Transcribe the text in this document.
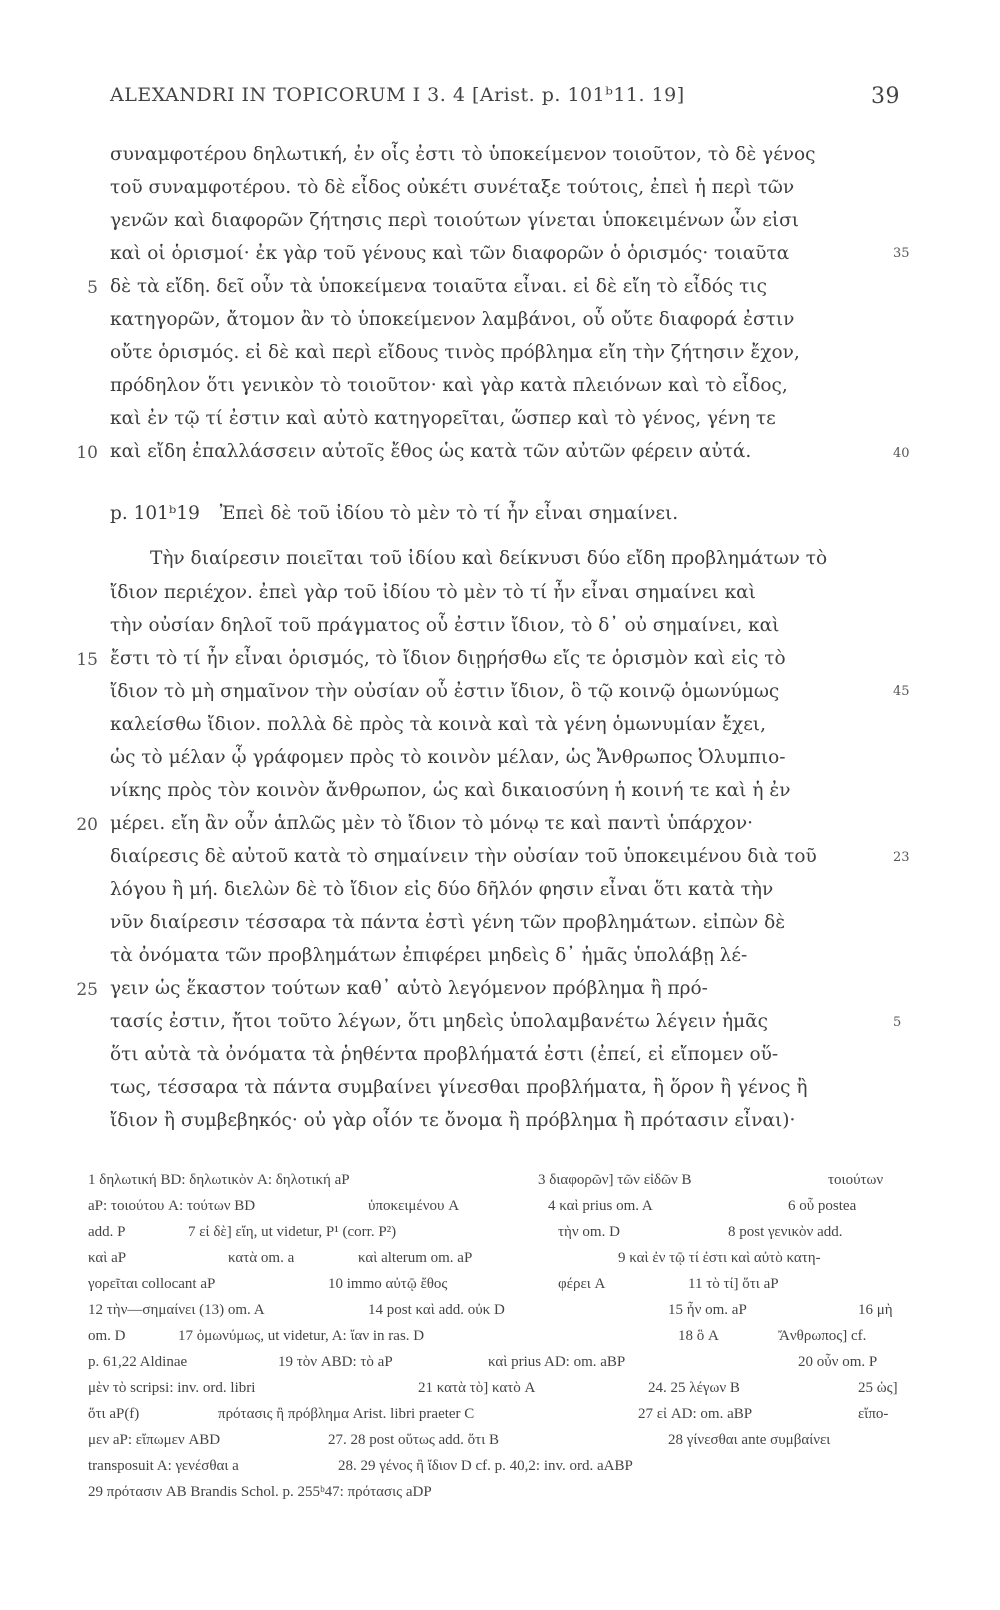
ALEXANDRI IN TOPICORUM I 3. 4 [Arist. p. 101ᵇ11. 19]	39
συναμφοτέρου δηλωτική, ἐν οἷς ἐστι τὸ ὑποκείμενον τοιοῦτον, τὸ δὲ γένος
τοῦ συναμφοτέρου. τὸ δὲ εἶδος οὐκέτι συνέταξε τούτοις, ἐπεὶ ἡ περὶ τῶν
γενῶν καὶ διαφορῶν ζήτησις περὶ τοιούτων γίνεται ὑποκειμένων ὧν εἰσι
καὶ οἱ ὁρισμοί· ἐκ γὰρ τοῦ γένους καὶ τῶν διαφορῶν ὁ ὁρισμός· τοιαῦτα
δὲ τὰ εἴδη. δεῖ οὖν τὰ ὑποκείμενα τοιαῦτα εἶναι. εἰ δὲ εἴη τὸ εἶδός τις
κατηγορῶν, ἄτομον ἂν τὸ ὑποκείμενον λαμβάνοι, οὗ οὔτε διαφορά ἐστιν
οὔτε ὁρισμός. εἰ δὲ καὶ περὶ εἴδους τινὸς πρόβλημα εἴη τὴν ζήτησιν ἔχον,
πρόδηλον ὅτι γενικὸν τὸ τοιοῦτον· καὶ γὰρ κατὰ πλειόνων καὶ τὸ εἶδος,
καὶ ἐν τῷ τί ἐστιν καὶ αὐτὸ κατηγορεῖται, ὥσπερ καὶ τὸ γένος, γένη τε
καὶ εἴδη ἐπαλλάσσειν αὐτοῖς ἔθος ὡς κατὰ τῶν αὐτῶν φέρειν αὐτά.
p. 101ᵇ19 Ἐπεὶ δὲ τοῦ ἰδίου τὸ μὲν τὸ τί ἦν εἶναι σημαίνει.
Τὴν διαίρεσιν ποιεῖται τοῦ ἰδίου καὶ δείκνυσι δύο εἴδη προβλημάτων τὸ
ἴδιον περιέχον. ἐπεὶ γὰρ τοῦ ἰδίου τὸ μὲν τὸ τί ἦν εἶναι σημαίνει καὶ
τὴν οὐσίαν δηλοῖ τοῦ πράγματος οὗ ἐστιν ἴδιον, τὸ δ᾽ οὐ σημαίνει, καὶ
ἔστι τὸ τί ἦν εἶναι ὁρισμός, τὸ ἴδιον διῃρήσθω εἴς τε ὁρισμὸν καὶ εἰς τὸ
ἴδιον τὸ μὴ σημαῖνον τὴν οὐσίαν οὗ ἐστιν ἴδιον, ὃ τῷ κοινῷ ὁμωνύμως
καλείσθω ἴδιον. πολλὰ δὲ πρὸς τὰ κοινὰ καὶ τὰ γένη ὁμωνυμίαν ἔχει,
ὡς τὸ μέλαν ᾧ γράφομεν πρὸς τὸ κοινὸν μέλαν, ὡς Ἄνθρωπος Ὀλυμπιο-
νίκης πρὸς τὸν κοινὸν ἄνθρωπον, ὡς καὶ δικαιοσύνη ἡ κοινή τε καὶ ἡ ἐν
μέρει. εἴη ἂν οὖν ἁπλῶς μὲν τὸ ἴδιον τὸ μόνῳ τε καὶ παντὶ ὑπάρχον·
διαίρεσις δὲ αὐτοῦ κατὰ τὸ σημαίνειν τὴν οὐσίαν τοῦ ὑποκειμένου διὰ τοῦ
λόγου ἢ μή. διελὼν δὲ τὸ ἴδιον εἰς δύο δῆλόν φησιν εἶναι ὅτι κατὰ τὴν
νῦν διαίρεσιν τέσσαρα τὰ πάντα ἐστὶ γένη τῶν προβλημάτων. εἰπὼν δὲ
τὰ ὀνόματα τῶν προβλημάτων ἐπιφέρει μηδεὶς δ᾽ ἡμᾶς ὑπολάβῃ λέ-
γειν ὡς ἕκαστον τούτων καθ᾽ αὑτὸ λεγόμενον πρόβλημα ἢ πρό-
τασίς ἐστιν, ἤτοι τοῦτο λέγων, ὅτι μηδεὶς ὑπολαμβανέτω λέγειν ἡμᾶς
ὅτι αὐτὰ τὰ ὀνόματα τὰ ῥηθέντα προβλήματά ἐστι (ἐπεί, εἰ εἴπομεν οὕ-
τως, τέσσαρα τὰ πάντα συμβαίνει γίνεσθαι προβλήματα, ἢ ὅρον ἢ γένος ἢ
ἴδιον ἢ συμβεβηκός· οὐ γὰρ οἷόν τε ὄνομα ἢ πρόβλημα ἢ πρότασιν εἶναι)·
5
10
15
20
25
35
40
45
23
5
1 δηλωτική BD: δηλωτικὸν A: δηλοτική aP	3 διαφορῶν] τῶν εἰδῶν B	τοιούτων
aP: τοιούτου A: τούτων BD	ὑποκειμένου A	4 καὶ prius om. A	6 οὗ postea
add. P	7 εἰ δὲ] εἴη, ut videtur, P¹ (corr. P²)	τὴν om. D	8 post γενικὸν add.
καὶ aP	κατὰ om. a	καὶ alterum om. aP	9 καὶ ἐν τῷ τί ἐστι καὶ αὐτὸ κατη-
γορεῖται collocant aP	10 immo αὐτῷ ἔθος	φέρει A	11 τὸ τί] ὅτι aP
12 τὴν—σημαίνει (13) om. A	14 post καὶ add. οὐκ D	15 ἦν om. aP	16 μὴ
om. D	17 ὁμωνύμως, ut videtur, A: ἴαν in ras. D	18 ὃ A	Ἄνθρωπος] cf.
p. 61,22 Aldinae	19 τὸν ABD: τὸ aP	καὶ prius AD: om. aBP	20 οὖν om. P
μὲν τὸ scripsi: inv. ord. libri	21 κατὰ τὸ] κατὸ A	24. 25 λέγων B	25 ὡς]
ὅτι aP(f)	πρότασις ἢ πρόβλημα Arist. libri praeter C	27 εἰ AD: om. aBP	εἴπο-
μεν aP: εἴπωμεν ABD	27. 28 post οὕτως add. ὅτι B	28 γίνεσθαι ante συμβαίνει
transposuit A: γενέσθαι a	28. 29 γένος ἢ ἴδιον D cf. p. 40,2: inv. ord. aABP
29 πρότασιν AB Brandis Schol. p. 255ᵇ47: πρότασις aDP
